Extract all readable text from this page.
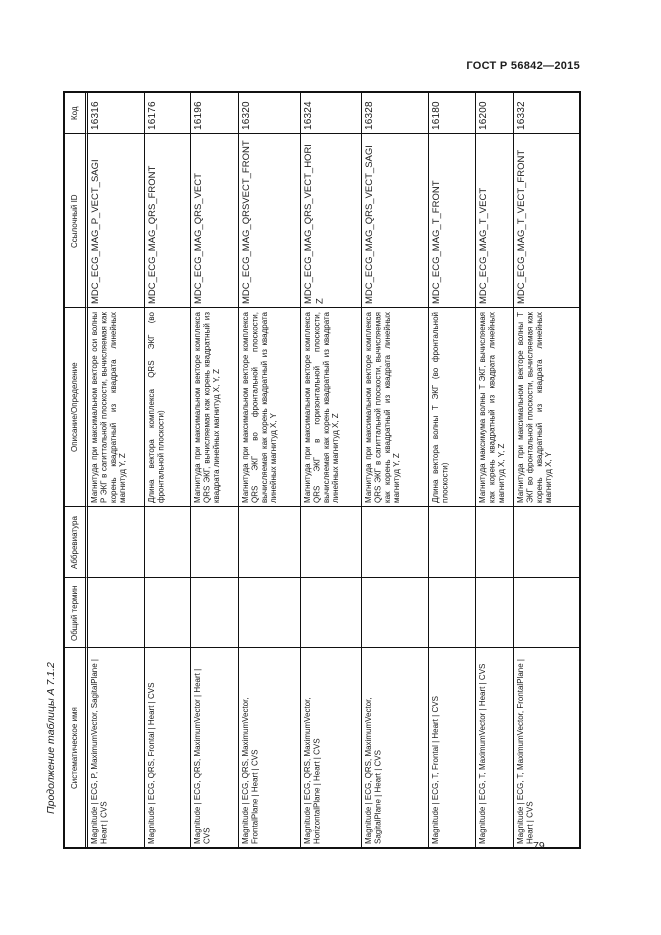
ГОСТ Р 56842—2015
Продолжение таблицы А 7.1.2
Код
Ссылочный ID
Описание/Определение
Аббревиатура
Общий термин
Систематическое имя
16316
MDC_ECG_MAG_P_VECT_SAGI
Магнитуда при максимальном векторе оси волны Р ЭКГ в сагиттальной плоскости, вычисляемая как корень квадратный из квадрата линейных магнитуд Y, Z
Magnitude | ECG, P, MaximumVector, SagitalPlane | Heart | CVS
16176
MDC_ECG_MAG_QRS_FRONT
Длина вектора комплекса QRS ЭКГ (во фронтальной плоскости)
Magnitude | ECG, QRS, Frontal | Heart | CVS
16196
MDC_ECG_MAG_QRS_VECT
Магнитуда при максимальном векторе комплекса QRS ЭКГ, вычисляемая как корень квадратный из квадрата линейных магнитуд X, Y, Z
Magnitude | ECG, QRS, MaximumVector | Heart | CVS
16320
MDC_ECG_MAG_QRSVECT_FRONT
Магнитуда при максимальном векторе комплекса QRS ЭКГ во фронтальной плоскости, вычисляемая как корень квадратный из квадрата линейных магнитуд X, Y
Magnitude | ECG, QRS, MaximumVector, FrontalPlane | Heart | CVS
16324
MDC_ECG_MAG_QRS_VECT_HORIZ
Магнитуда при максимальном векторе комплекса QRS ЭКГ в горизонтальной плоскости, вычисляемая как корень квадратный из квадрата линейных магнитуд X, Z
Magnitude | ECG, QRS, MaximumVector, HorizontalPlane | Heart | CVS
16328
MDC_ECG_MAG_QRS_VECT_SAGI
Магнитуда при максимальном векторе комплекса QRS ЭКГ в сагиттальной плоскости, вычисляемая как корень квадратный из квадрата линейных магнитуд Y, Z
Magnitude | ECG, QRS, MaximumVector, SagitalPlane | Heart | CVS
16180
MDC_ECG_MAG_T_FRONT
Длина вектора волны Т ЭКГ (во фронтальной плоскости)
Magnitude | ECG, T, Frontal | Heart | CVS
16200
MDC_ECG_MAG_T_VECT
Магнитуда максимума волны Т ЭКГ, вычисляемая как корень квадратный из квадрата линейных магнитуд X, Y, Z
Magnitude | ECG, T, MaximumVector | Heart | CVS
16332
MDC_ECG_MAG_T_VECT_FRONT
Магнитуда при максимальном векторе волны Т ЭКГ во фронтальной плоскости, вычисляемая как корень квадратный из квадрата линейных магнитуд X, Y
Magnitude | ECG, T, MaximumVector, FrontalPlane | Heart | CVS
79
